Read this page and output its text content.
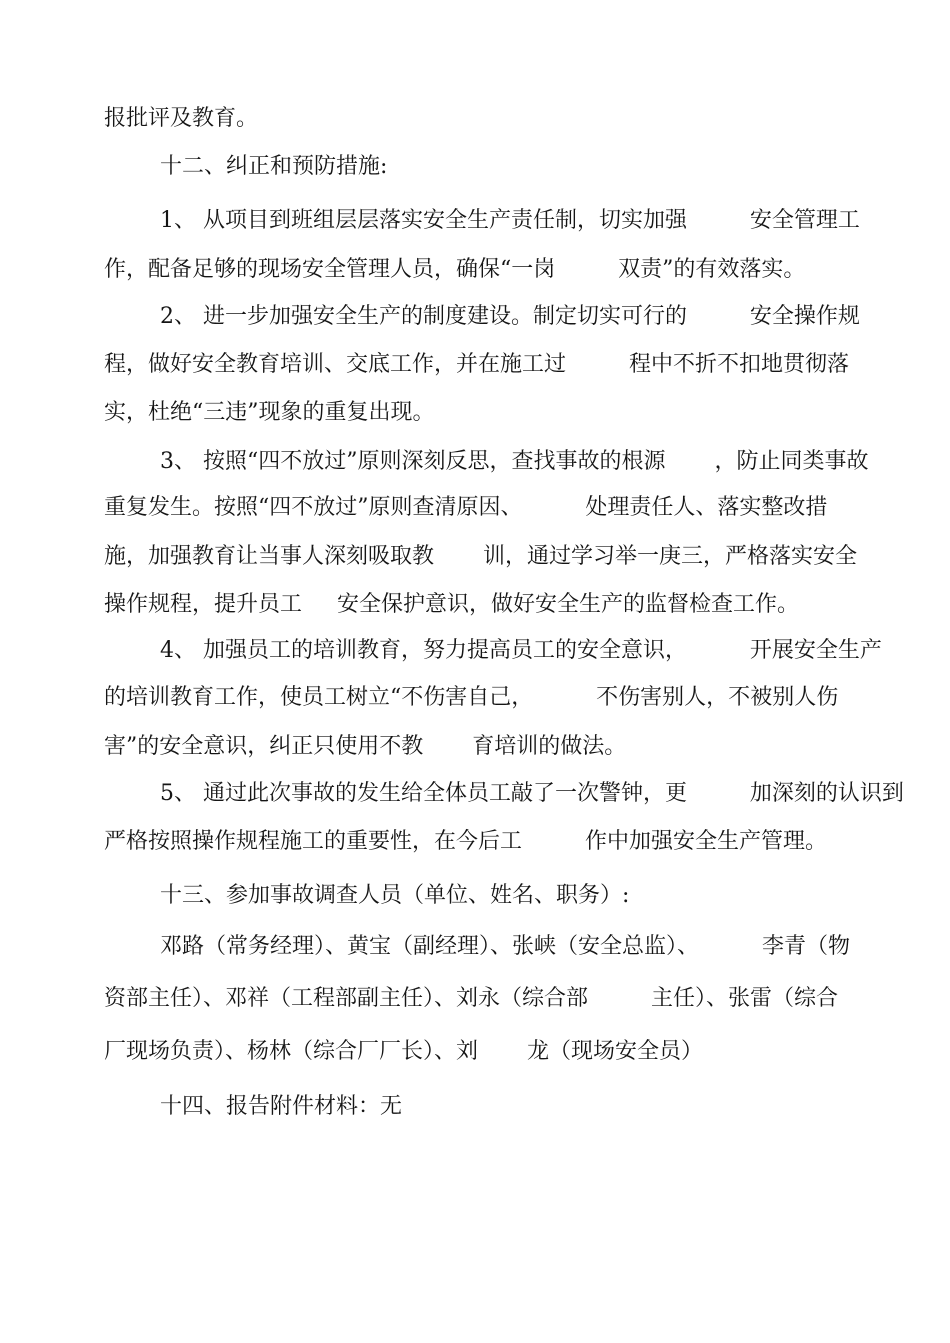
报批评及教育。
十二、纠正和预防措施:
1、 从项目到班组层层落实安全生产责任制，切实加强         安全管理工
作，配备足够的现场安全管理人员，确保“一岗         双责”的有效落实。
2、 进一步加强安全生产的制度建设。制定切实可行的         安全操作规
程，做好安全教育培训、交底工作，并在施工过         程中不折不扣地贯彻落
实，杜绝“三违”现象的重复出现。
3、 按照“四不放过”原则深刻反思，查找事故的根源       ，防止同类事故
重复发生。按照“四不放过”原则查清原因、         处理责任人、落实整改措
施，加强教育让当事人深刻吸取教       训，通过学习举一庚三，严格落实安全
操作规程，提升员工     安全保护意识，做好安全生产的监督检查工作。
4、 加强员工的培训教育，努力提高员工的安全意识，         开展安全生产
的培训教育工作，使员工树立“不伤害自己，         不伤害别人，不被别人伤
害”的安全意识，纠正只使用不教       育培训的做法。
5、 通过此次事故的发生给全体员工敲了一次警钟，更         加深刻的认识到
严格按照操作规程施工的重要性，在今后工         作中加强安全生产管理。
十三、参加事故调查人员（单位、姓名、职务）:
邓路（常务经理）、黄宝（副经理）、张峡（安全总监）、         李青（物
资部主任）、邓祥（工程部副主任）、刘永（综合部         主任）、张雷（综合
厂现场负责）、杨林（综合厂厂长）、刘       龙（现场安全员）
十四、报告附件材料：无
